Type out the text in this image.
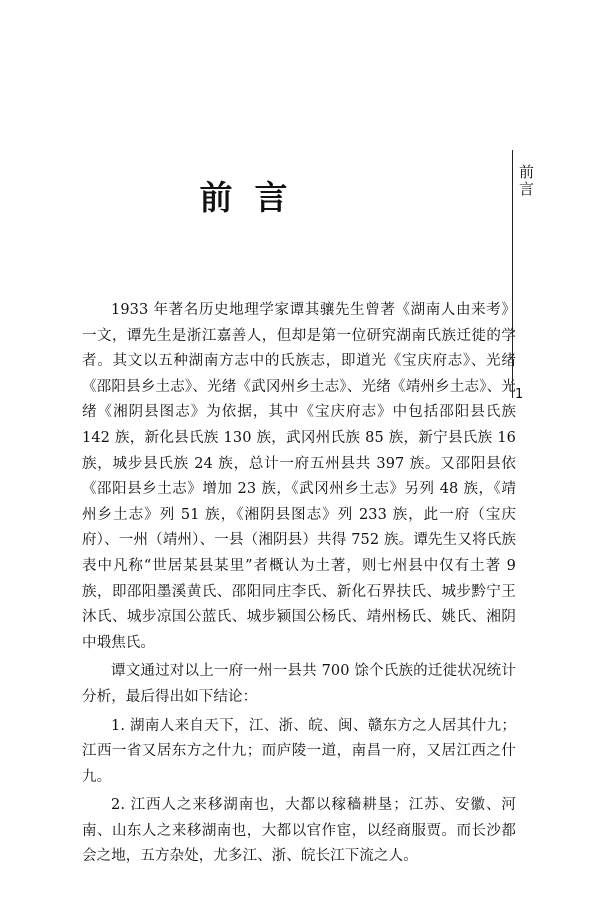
前言	前言
1

1933 年著名历史地理学家谭其骧先生曾著《湖南人由来考》一文，谭先生是浙江嘉善人，但却是第一位研究湖南氏族迁徙的学者。其文以五种湖南方志中的氏族志，即道光《宝庆府志》、光绪《邵阳县乡土志》、光绪《武冈州乡土志》、光绪《靖州乡土志》、光绪《湘阴县图志》为依据，其中《宝庆府志》中包括邵阳县氏族 142 族，新化县氏族 130 族，武冈州氏族 85 族，新宁县氏族 16 族，城步县氏族 24 族，总计一府五州县共 397 族。又邵阳县依《邵阳县乡土志》增加 23 族，《武冈州乡土志》另列 48 族，《靖州乡土志》列 51 族，《湘阴县图志》列 233 族，此一府（宝庆府）、一州（靖州）、一县（湘阴县）共得 752 族。谭先生又将氏族表中凡称“世居某县某里”者概认为土著，则七州县中仅有土著 9 族，即邵阳墨溪黄氏、邵阳同庄李氏、新化石界扶氏、城步黔宁王沐氏、城步凉国公蓝氏、城步颍国公杨氏、靖州杨氏、姚氏、湘阴中塅焦氏。

谭文通过对以上一府一州一县共 700 馀个氏族的迁徙状况统计分析，最后得出如下结论：

1. 湖南人来自天下，江、浙、皖、闽、赣东方之人居其什九；江西一省又居东方之什九；而庐陵一道，南昌一府，又居江西之什九。

2. 江西人之来移湖南也，大都以稼穑耕垦；江苏、安徽、河南、山东人之来移湖南也，大都以官作宦，以经商服贾。而长沙都会之地，五方杂处，尤多江、浙、皖长江下流之人。
